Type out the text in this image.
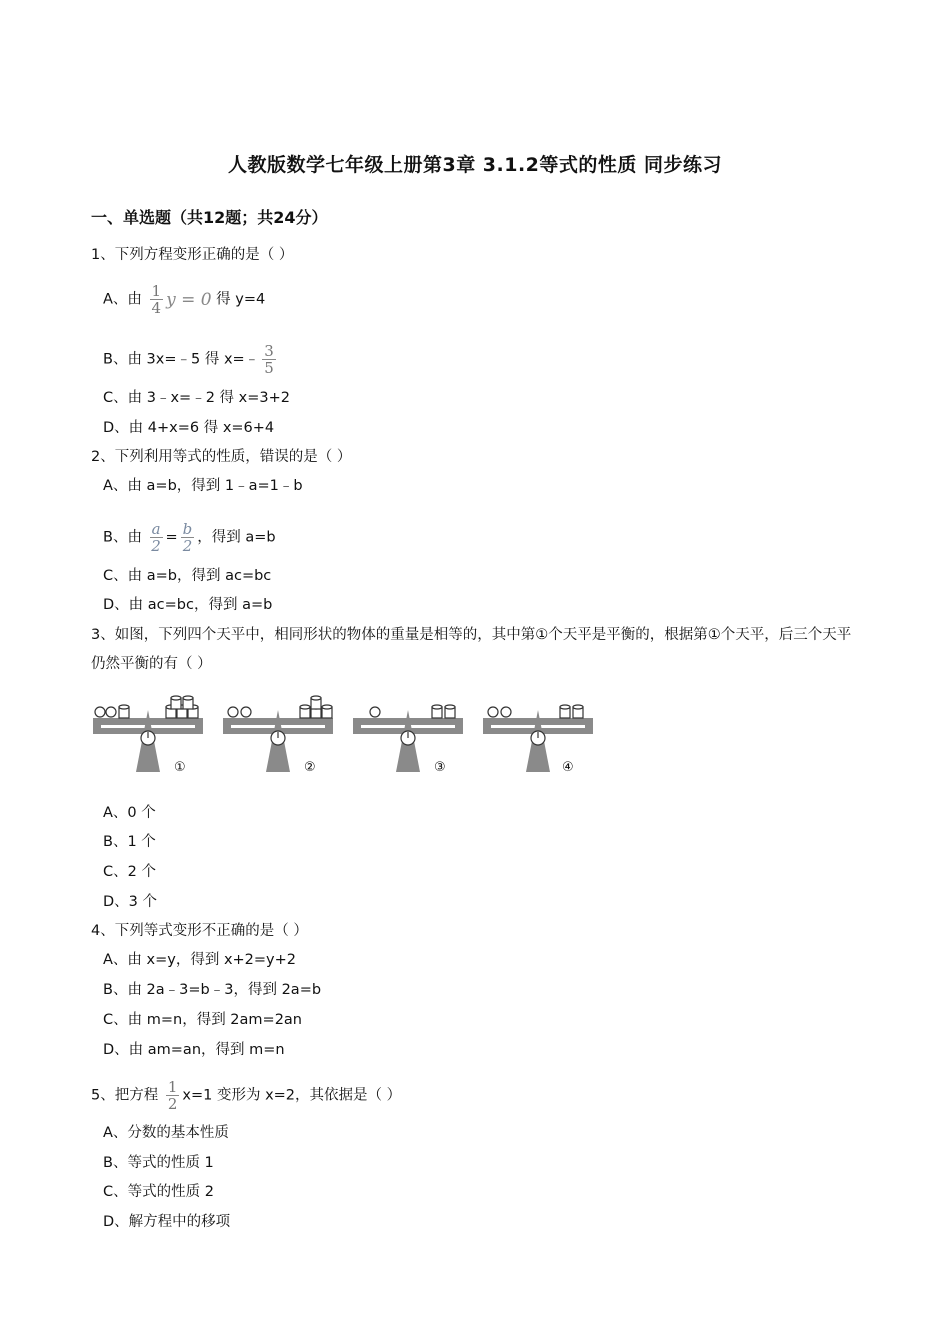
人教版数学七年级上册第3章 3.1.2等式的性质 同步练习
一、单选题（共12题；共24分）
1、下列方程变形正确的是（ ）
A、由 $\frac{1}{4}$ y = 0 得 y=4
B、由 3x=﹣5 得 x=﹣ $\frac{3}{5}$
C、由 3﹣x=﹣2 得 x=3+2
D、由 4+x=6 得 x=6+4
2、下列利用等式的性质，错误的是（ ）
A、由 a=b，得到 1﹣a=1﹣b
B、由 $\frac{a}{2} = \frac{b}{2}$ ，得到 a=b
C、由 a=b，得到 ac=bc
D、由 ac=bc，得到 a=b
3、如图，下列四个天平中，相同形状的物体的重量是相等的，其中第①个天平是平衡的，根据第①个天平，后三个天平仍然平衡的有（ ）
①	②	③	④
A、0 个
B、1 个
C、2 个
D、3 个
4、下列等式变形不正确的是（ ）
A、由 x=y，得到 x+2=y+2
B、由 2a﹣3=b﹣3，得到 2a=b
C、由 m=n，得到 2am=2an
D、由 am=an，得到 m=n
5、把方程 $\frac{1}{2} x=1$ 变形为 x=2，其依据是（ ）
A、分数的基本性质
B、等式的性质 1
C、等式的性质 2
D、解方程中的移项
